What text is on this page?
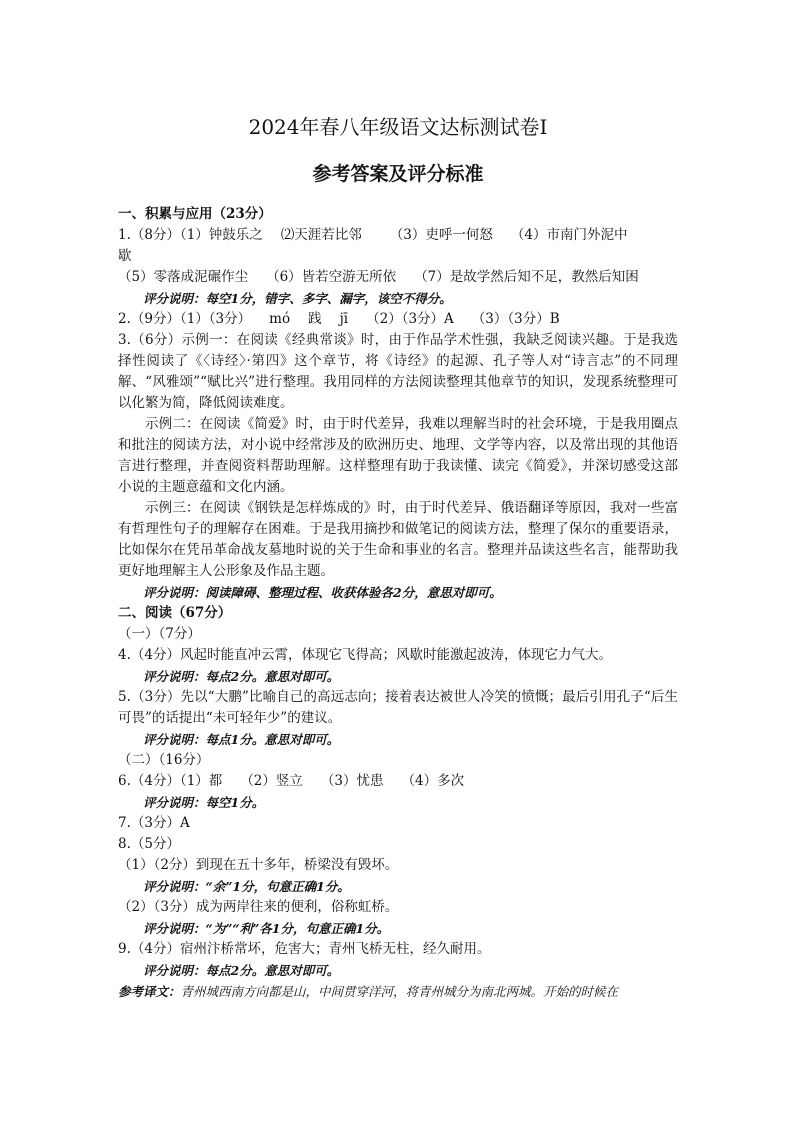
2024年春八年级语文达标测试卷Ⅰ
参考答案及评分标准
一、积累与应用（23分）
1.（8分）（1）钟鼓乐之 ⑵天涯若比邻 （3）吏呼一何怒 （4）市南门外泥中
歇
（5）零落成泥碾作尘 （6）皆若空游无所依 （7）是故学然后知不足，教然后知困
评分说明：每空1分，错字、多字、漏字，该空不得分。
2.（9分）（1）（3分） mó 践 jī （2）（3分）A （3）（3分）B
3.（6分）示例一：在阅读《经典常谈》时，由于作品学术性强，我缺乏阅读兴趣。于是我选择性阅读了《〈诗经〉·第四》这个章节，将《诗经》的起源、孔子等人对“诗言志”的不同理解、“风雅颂”“赋比兴”进行整理。我用同样的方法阅读整理其他章节的知识，发现系统整理可以化繁为简，降低阅读难度。
示例二：在阅读《简爱》时，由于时代差异，我难以理解当时的社会环境，于是我用圈点和批注的阅读方法，对小说中经常涉及的欧洲历史、地理、文学等内容，以及常出现的其他语言进行整理，并查阅资料帮助理解。这样整理有助于我读懂、读完《简爱》，并深切感受这部小说的主题意蕴和文化内涵。
示例三：在阅读《钢铁是怎样炼成的》时，由于时代差异、俄语翻译等原因，我对一些富有哲理性句子的理解存在困难。于是我用摘抄和做笔记的阅读方法，整理了保尔的重要语录，比如保尔在凭吊革命战友墓地时说的关于生命和事业的名言。整理并品读这些名言，能帮助我更好地理解主人公形象及作品主题。
评分说明：阅读障碍、整理过程、收获体验各2分，意思对即可。
二、阅读（67分）
（一）（7分）
4.（4分）风起时能直冲云霄，体现它飞得高；风歇时能激起波涛，体现它力气大。
评分说明：每点2分。意思对即可。
5.（3分）先以“大鹏”比喻自己的高远志向；接着表达被世人冷笑的愤慨；最后引用孔子“后生可畏”的话提出“未可轻年少”的建议。
评分说明：每点1分。意思对即可。
（二）（16分）
6.（4分）（1）都 （2）竖立 （3）忧患 （4）多次
评分说明：每空1分。
7.（3分）A
8.（5分）
（1）（2分）到现在五十多年，桥梁没有毁坏。
评分说明：“余”1分，句意正确1分。
（2）（3分）成为两岸往来的便利，俗称虹桥。
评分说明：“为”“利”各1分，句意正确1分。
9.（4分）宿州汴桥常坏，危害大；青州飞桥无柱，经久耐用。
评分说明：每点2分。意思对即可。
参考译文：青州城西南方向都是山，中间贯穿洋河，将青州城分为南北两城。开始的时候在
